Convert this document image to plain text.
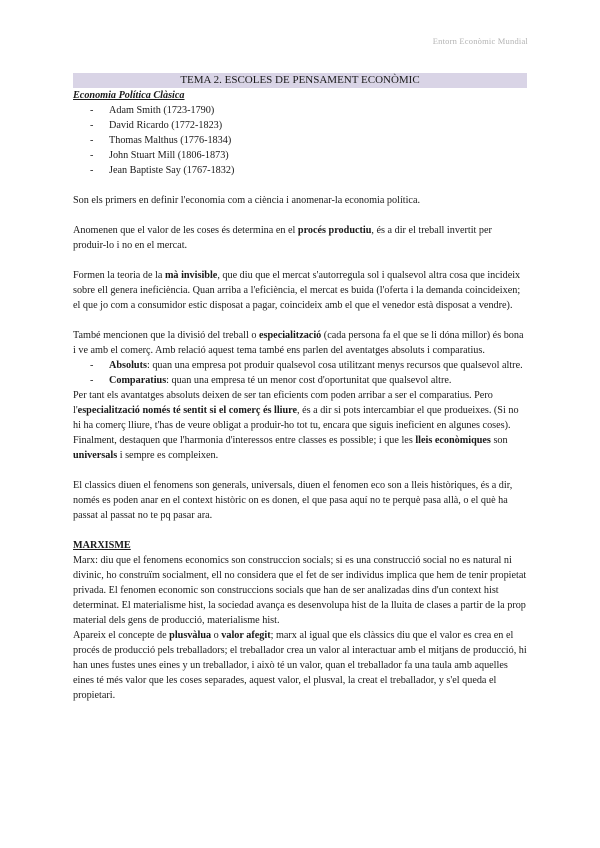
Entorn Econòmic Mundial
TEMA 2. ESCOLES DE PENSAMENT ECONÒMIC
Economia Política Clàsica
- Adam Smith (1723-1790)
- David Ricardo (1772-1823)
- Thomas Malthus (1776-1834)
- John Stuart Mill (1806-1873)
- Jean Baptiste Say (1767-1832)

Son els primers en definir l'economia com a ciència i anomenar-la economia política.

Anomenen que el valor de les coses és determina en el procés productiu, és a dir el treball invertit per produir-lo i no en el mercat.

Formen la teoria de la mà invisible, que diu que el mercat s'autorregula sol i qualsevol altra cosa que incideix sobre ell genera ineficiència. Quan arriba a l'eficiència, el mercat es buida (l'oferta i la demanda coincideixen; el que jo com a consumidor estic disposat a pagar, coincideix amb el que el venedor està disposat a vendre).

També mencionen que la divisió del treball o especialització (cada persona fa el que se li dóna millor) és bona i ve amb el comerç. Amb relació aquest tema també ens parlen del aventatges absoluts i comparatius.

- Absoluts: quan una empresa pot produir qualsevol cosa utilitzant menys recursos que qualsevol altre.
- Comparatius: quan una empresa té un menor cost d'oportunitat que qualsevol altre.

Per tant els avantatges absoluts deixen de ser tan eficients com poden arribar a ser el comparatius. Pero l'especialització només té sentit si el comerç és lliure, és a dir si pots intercambiar el que produeixes. (Si no hi ha comerç lliure, t'has de veure obligat a produir-ho tot tu, encara que siguis ineficient en algunes coses).

Finalment, destaquen que l'harmonia d'interessos entre classes es possible; i que les lleis econòmiques son universals i sempre es compleixen.

El classics diuen el fenomens son generals, universals, diuen el fenomen eco son a lleis històriques, és a dir, només es poden anar en el context històric on es donen, el que pasa aquí no te perquè pasa allà, o el què ha passat al passat no te pq pasar ara.

MARXISME

Marx: diu que el fenomens economics son construccion socials; si es una construcció social no es natural ni divinic, ho construïm socialment, ell no considera que el fet de ser individus implica que hem de tenir propietat privada. El fenomen economic son construccions socials que han de ser analizadas dins d'un context hist determinat. El materialisme hist, la sociedad avança es desenvolupa hist de la lluita de clases a partir de la prop material dels gens de producció, materialisme hist.

Apareix el concepte de plusvàlua o valor afegit; marx al igual que els clàssics diu que el valor es crea en el procés de producció pels treballadors; el treballador crea un valor al interactuar amb el mitjans de producció, hi han unes fustes unes eines y un treballador, i això té un valor, quan el treballador fa una taula amb aquelles eines té més valor que les coses separades, aquest valor, el plusval, la creat el treballador, y s'el queda el propietari.
